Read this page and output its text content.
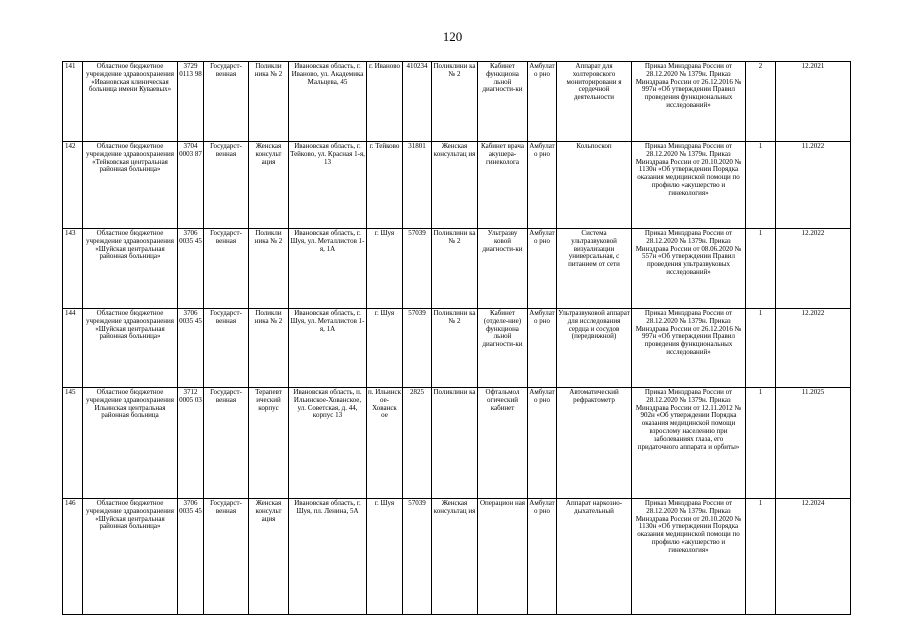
120
141	Областное бюджетное учреждение здравоохранения «Ивановская клиническая больница имени Куваевых»	3729 0113 98	Государст-венная	Поликли ника № 2	Ивановская область, г. Иваново, ул. Академика Мальцева, 45	г. Иваново	410234	Поликлини ка № 2	Кабинет функциона льной диагности-ки	Амбулато рно	Аппарат для холтеровского мониторировани я сердечной деятельности	Приказ Минздрава России от 28.12.2020 № 1379н. Приказ Минздрава России от 26.12.2016 № 997н «Об утверждении Правил проведения функциональных исследований»	2	12.2021
142	Областное бюджетное учреждение здравоохранения «Тейковская центральная районная больница»	3704 0003 87	Государст-венная	Женская консульт ация	Ивановская область, г. Тейково, ул. Красная 1-я, 13	г. Тейково	31801	Женская консультац ия	Кабинет врача акушера-гинеколога	Амбулато рно	Кольпоскоп	Приказ Минздрава России от 28.12.2020 № 1379н. Приказ Минздрава России от 20.10.2020 № 1130н «Об утверждении Порядка оказания медицинской помощи по профилю «акушерство и гинекология»	1	11.2022
143	Областное бюджетное учреждение здравоохранения «Шуйская центральная районная больница»	3706 0035 45	Государст-венная	Поликли ника № 2	Ивановская область, г. Шуя, ул. Металлистов 1-я, 1А	г. Шуя	57039	Поликлини ка № 2	Ультразву ковой диагности-ки	Амбулато рно	Система ультразвуковой визуализации универсальная, с питанием от сети	Приказ Минздрава России от 28.12.2020 № 1379н. Приказ Минздрава России от 08.06.2020 № 557н «Об утверждении Правил проведения ультразвуковых исследований»	1	12.2022
144	Областное бюджетное учреждение здравоохранения «Шуйская центральная районная больница»	3706 0035 45	Государст-венная	Поликли ника № 2	Ивановская область, г. Шуя, ул. Металлистов 1-я, 1А	г. Шуя	57039	Поликлини ка № 2	Кабинет (отделе-ние) функциона льной диагности-ки	Амбулато рно	Ультразвуковой аппарат для исследования сердца и сосудов (передвижной)	Приказ Минздрава России от 28.12.2020 № 1379н. Приказ Минздрава России от 26.12.2016 № 997н «Об утверждении Правил проведения функциональных исследований»	1	12.2022
145	Областное бюджетное учреждение здравоохранения Ильинская центральная районная больница	3712 0005 03	Государст-венная	Терапевт ический корпус	Ивановская область, п. Ильинское-Хованское, ул. Советская, д. 44, корпус 13	п. Ильинск ое-Хованск ое	2825	Поликлини ка	Офтальмол огический кабинет	Амбулато рно	Автоматический рефрактометр	Приказ Минздрава России от 28.12.2020 № 1379н. Приказ Минздрава России от 12.11.2012 № 902н «Об утверждении Порядка оказания медицинской помощи взрослому населению при заболеваниях глаза, его придаточного аппарата и орбиты»	1	11.2025
146	Областное бюджетное учреждение здравоохранения «Шуйская центральная районная больница»	3706 0035 45	Государст-венная	Женская консульт ация	Ивановская область, г. Шуя, пл. Ленина, 5А	г. Шуя	57039	Женская консультац ия	Операцион ная	Амбулато рно	Аппарат наркозно-дыхательный	Приказ Минздрава России от 28.12.2020 № 1379н. Приказ Минздрава России от 20.10.2020 № 1130н «Об утверждении Порядка оказания медицинской помощи по профилю «акушерство и гинекология»	1	12.2024
